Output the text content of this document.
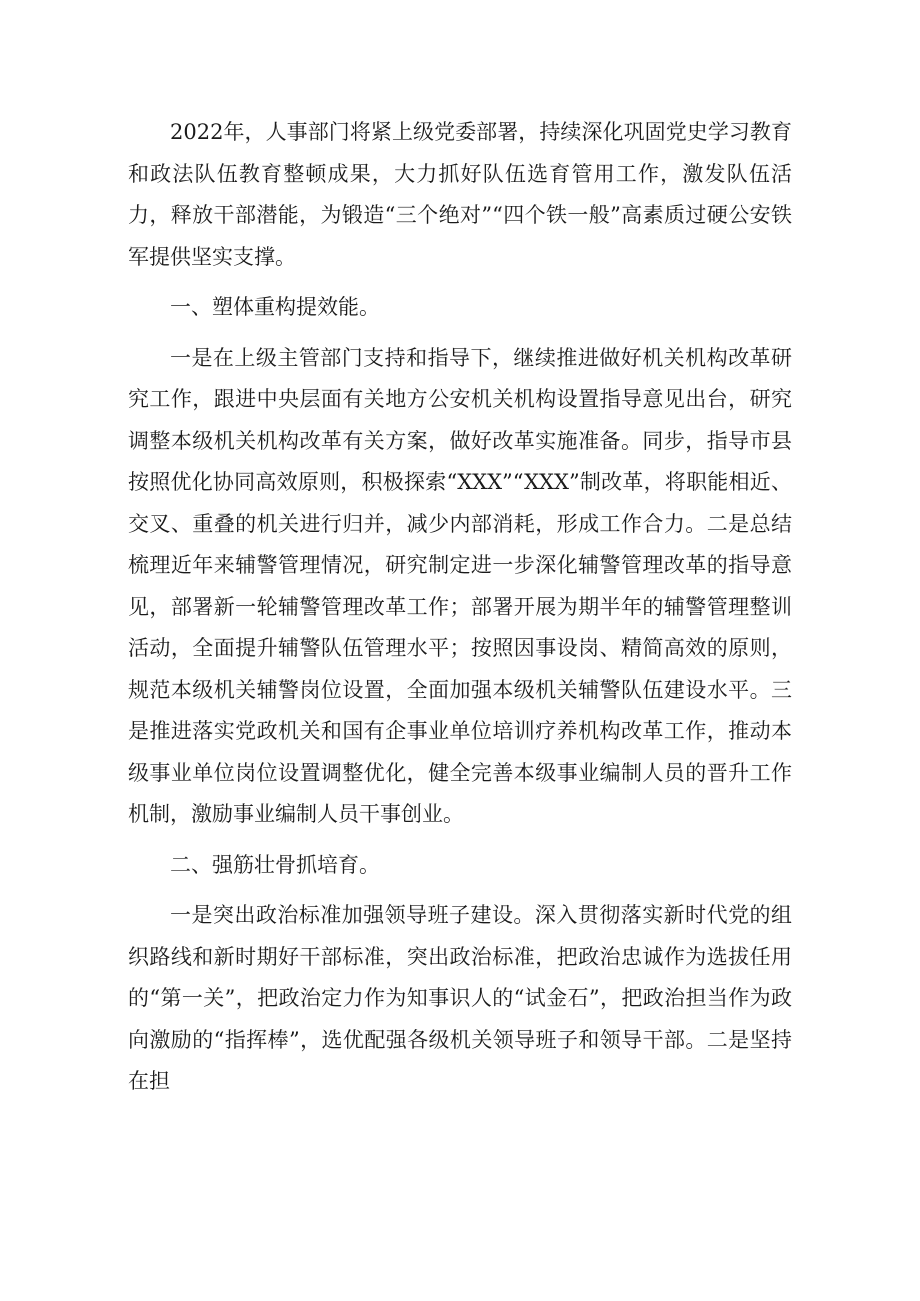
2022年，人事部门将紧上级党委部署，持续深化巩固党史学习教育和政法队伍教育整顿成果，大力抓好队伍选育管用工作，激发队伍活力，释放干部潜能，为锻造“三个绝对”“四个铁一般”高素质过硬公安铁军提供坚实支撑。

一、塑体重构提效能。

一是在上级主管部门支持和指导下，继续推进做好机关机构改革研究工作，跟进中央层面有关地方公安机关机构设置指导意见出台，研究调整本级机关机构改革有关方案，做好改革实施准备。同步，指导市县按照优化协同高效原则，积极探索“XXX”“XXX”制改革，将职能相近、交叉、重叠的机关进行归并，减少内部消耗，形成工作合力。二是总结梳理近年来辅警管理情况，研究制定进一步深化辅警管理改革的指导意见，部署新一轮辅警管理改革工作；部署开展为期半年的辅警管理整训活动，全面提升辅警队伍管理水平；按照因事设岗、精简高效的原则，规范本级机关辅警岗位设置，全面加强本级机关辅警队伍建设水平。三是推进落实党政机关和国有企事业单位培训疗养机构改革工作，推动本级事业单位岗位设置调整优化，健全完善本级事业编制人员的晋升工作机制，激励事业编制人员干事创业。

二、强筋壮骨抓培育。

一是突出政治标准加强领导班子建设。深入贯彻落实新时代党的组织路线和新时期好干部标准，突出政治标准，把政治忠诚作为选拔任用的“第一关”，把政治定力作为知事识人的“试金石”，把政治担当作为政向激励的“指挥棒”，选优配强各级机关领导班子和领导干部。二是坚持在担
